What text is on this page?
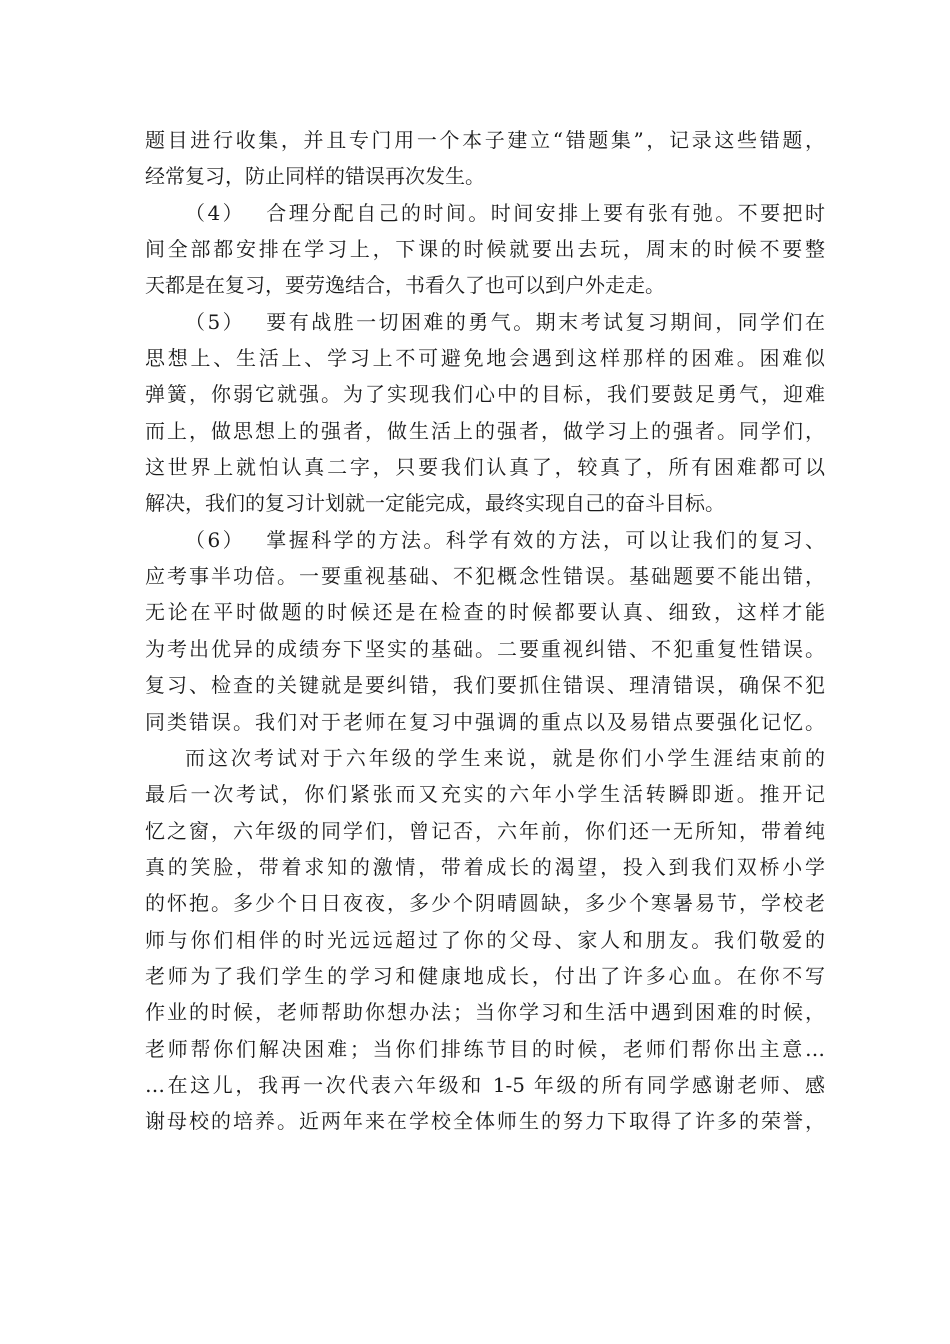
题目进行收集，并且专门用一个本子建立“错题集”，记录这些错题，
经常复习，防止同样的错误再次发生。
（4）　 合理分配自己的时间。时间安排上要有张有弛。不要把时
间全部都安排在学习上，下课的时候就要出去玩，周末的时候不要整
天都是在复习，要劳逸结合，书看久了也可以到户外走走。
（5）　 要有战胜一切困难的勇气。期末考试复习期间，同学们在
思想上、生活上、学习上不可避免地会遇到这样那样的困难。困难似
弹簧，你弱它就强。为了实现我们心中的目标，我们要鼓足勇气，迎难
而上，做思想上的强者，做生活上的强者，做学习上的强者。同学们，
这世界上就怕认真二字，只要我们认真了，较真了，所有困难都可以
解决，我们的复习计划就一定能完成，最终实现自己的奋斗目标。
（6）　 掌握科学的方法。科学有效的方法，可以让我们的复习、
应考事半功倍。一要重视基础、不犯概念性错误。基础题要不能出错，
无论在平时做题的时候还是在检查的时候都要认真、细致，这样才能
为考出优异的成绩夯下坚实的基础。二要重视纠错、不犯重复性错误。
复习、检查的关键就是要纠错，我们要抓住错误、理清错误，确保不犯
同类错误。我们对于老师在复习中强调的重点以及易错点要强化记忆。
而这次考试对于六年级的学生来说，就是你们小学生涯结束前的
最后一次考试，你们紧张而又充实的六年小学生活转瞬即逝。推开记
忆之窗，六年级的同学们，曾记否，六年前，你们还一无所知，带着纯
真的笑脸，带着求知的激情，带着成长的渴望，投入到我们双桥小学
的怀抱。多少个日日夜夜，多少个阴晴圆缺，多少个寒暑易节，学校老
师与你们相伴的时光远远超过了你的父母、家人和朋友。我们敬爱的
老师为了我们学生的学习和健康地成长，付出了许多心血。在你不写
作业的时候，老师帮助你想办法；当你学习和生活中遇到困难的时候，
老师帮你们解决困难；当你们排练节目的时候，老师们帮你出主意…
…在这儿，我再一次代表六年级和 1-5 年级的所有同学感谢老师、感
谢母校的培养。近两年来在学校全体师生的努力下取得了许多的荣誉，
